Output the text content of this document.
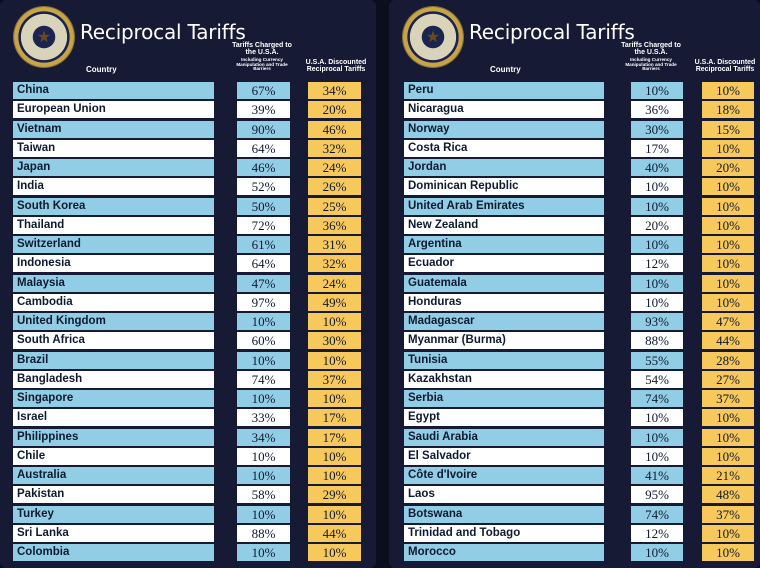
★ Reciprocal Tariffs
Country
Tariffs Charged to the U.S.A.
Including Currency Manipulation and Trade Barriers
U.S.A. Discounted Reciprocal Tariffs
China	67%	34%
European Union	39%	20%
Vietnam	90%	46%
Taiwan	64%	32%
Japan	46%	24%
India	52%	26%
South Korea	50%	25%
Thailand	72%	36%
Switzerland	61%	31%
Indonesia	64%	32%
Malaysia	47%	24%
Cambodia	97%	49%
United Kingdom	10%	10%
South Africa	60%	30%
Brazil	10%	10%
Bangladesh	74%	37%
Singapore	10%	10%
Israel	33%	17%
Philippines	34%	17%
Chile	10%	10%
Australia	10%	10%
Pakistan	58%	29%
Turkey	10%	10%
Sri Lanka	88%	44%
Colombia	10%	10%
★ Reciprocal Tariffs
Country
Tariffs Charged to the U.S.A.
Including Currency Manipulation and Trade Barriers
U.S.A. Discounted Reciprocal Tariffs
Peru	10%	10%
Nicaragua	36%	18%
Norway	30%	15%
Costa Rica	17%	10%
Jordan	40%	20%
Dominican Republic	10%	10%
United Arab Emirates	10%	10%
New Zealand	20%	10%
Argentina	10%	10%
Ecuador	12%	10%
Guatemala	10%	10%
Honduras	10%	10%
Madagascar	93%	47%
Myanmar (Burma)	88%	44%
Tunisia	55%	28%
Kazakhstan	54%	27%
Serbia	74%	37%
Egypt	10%	10%
Saudi Arabia	10%	10%
El Salvador	10%	10%
Côte d'Ivoire	41%	21%
Laos	95%	48%
Botswana	74%	37%
Trinidad and Tobago	12%	10%
Morocco	10%	10%
